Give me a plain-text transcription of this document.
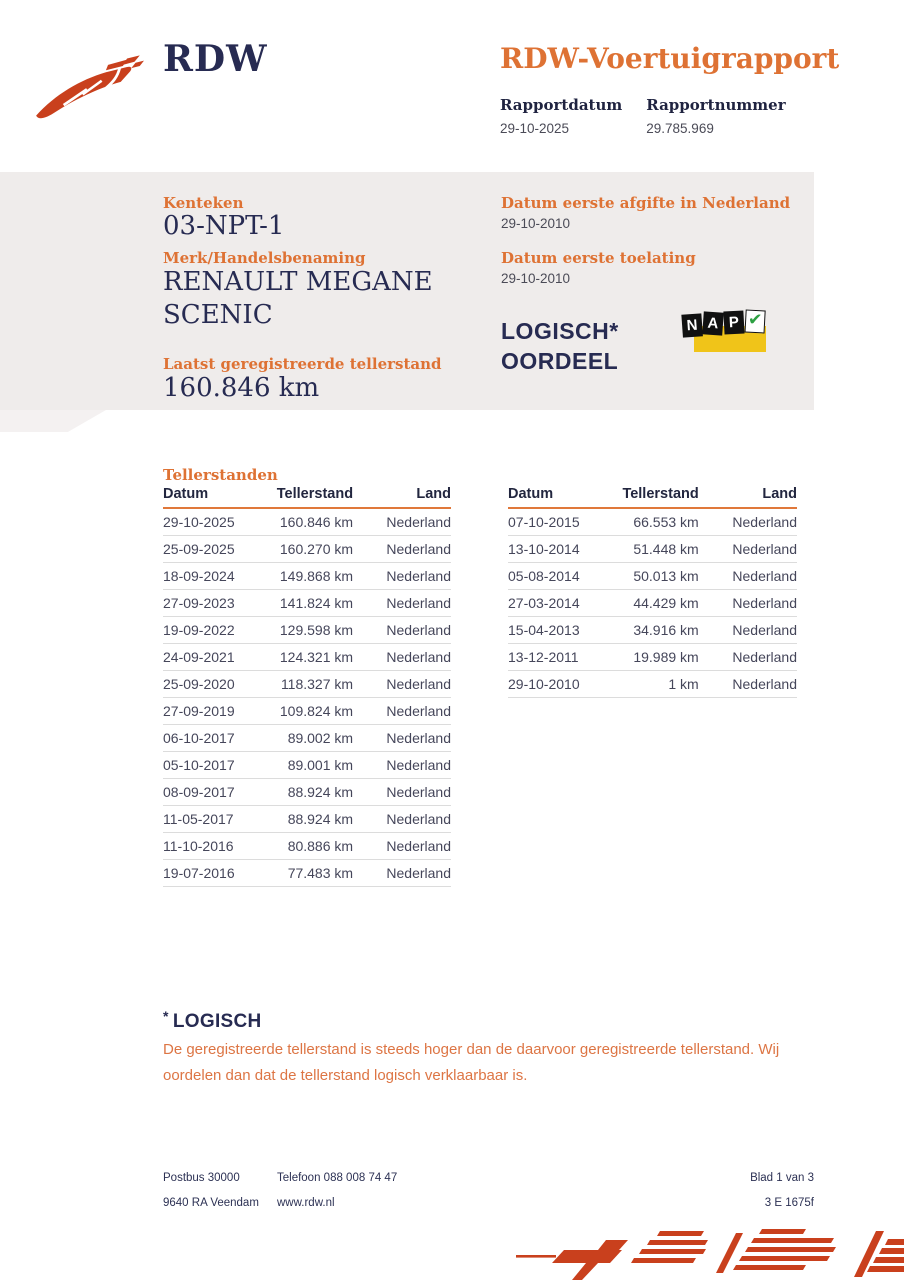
RDW	RDW-Voertuigrapport
Rapportdatum
29-10-2025
Rapportnummer
29.785.969
Kenteken
03-NPT-1
Merk/Handelsbenaming
RENAULT MEGANE
SCENIC
Laatst geregistreerde tellerstand
160.846 km
Datum eerste afgifte in Nederland
29-10-2010
Datum eerste toelating
29-10-2010
LOGISCH*
OORDEEL
N A P ✔
Tellerstanden
Datum	Tellerstand	Land
29-10-2025	160.846 km	Nederland
25-09-2025	160.270 km	Nederland
18-09-2024	149.868 km	Nederland
27-09-2023	141.824 km	Nederland
19-09-2022	129.598 km	Nederland
24-09-2021	124.321 km	Nederland
25-09-2020	118.327 km	Nederland
27-09-2019	109.824 km	Nederland
06-10-2017	89.002 km	Nederland
05-10-2017	89.001 km	Nederland
08-09-2017	88.924 km	Nederland
11-05-2017	88.924 km	Nederland
11-10-2016	80.886 km	Nederland
19-07-2016	77.483 km	Nederland
Datum	Tellerstand	Land
07-10-2015	66.553 km	Nederland
13-10-2014	51.448 km	Nederland
05-08-2014	50.013 km	Nederland
27-03-2014	44.429 km	Nederland
15-04-2013	34.916 km	Nederland
13-12-2011	19.989 km	Nederland
29-10-2010	1 km	Nederland
* LOGISCH
De geregistreerde tellerstand is steeds hoger dan de daarvoor geregistreerde tellerstand. Wij oordelen dan dat de tellerstand logisch verklaarbaar is.
Postbus 30000
9640 RA Veendam
Telefoon 088 008 74 47
www.rdw.nl
Blad 1 van 3
3 E 1675f
